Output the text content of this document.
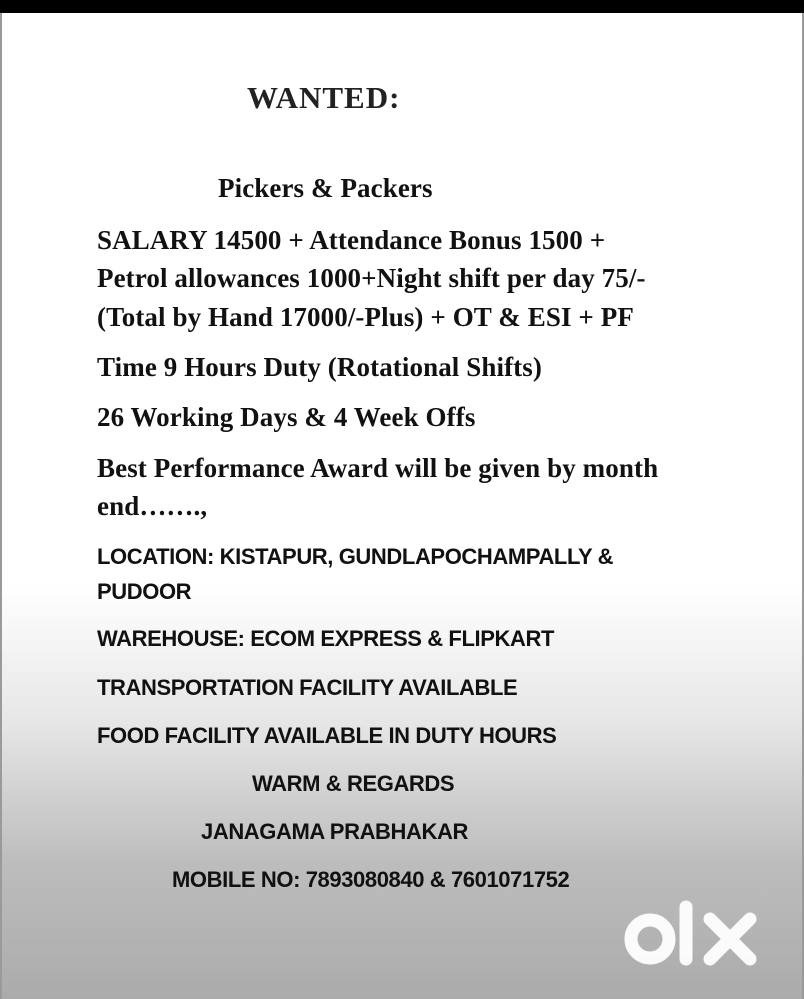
WANTED:

Pickers & Packers

SALARY 14500 + Attendance Bonus 1500 +

Petrol allowances 1000+Night shift per day 75/-

(Total by Hand 17000/-Plus) + OT & ESI + PF

Time 9 Hours Duty (Rotational Shifts)

26 Working Days & 4 Week Offs

Best Performance Award will be given by month

end…….,

LOCATION: KISTAPUR, GUNDLAPOCHAMPALLY &

PUDOOR

WAREHOUSE: ECOM EXPRESS & FLIPKART

TRANSPORTATION FACILITY AVAILABLE

FOOD FACILITY AVAILABLE IN DUTY HOURS

WARM & REGARDS

JANAGAMA PRABHAKAR

MOBILE NO: 7893080840 & 7601071752
